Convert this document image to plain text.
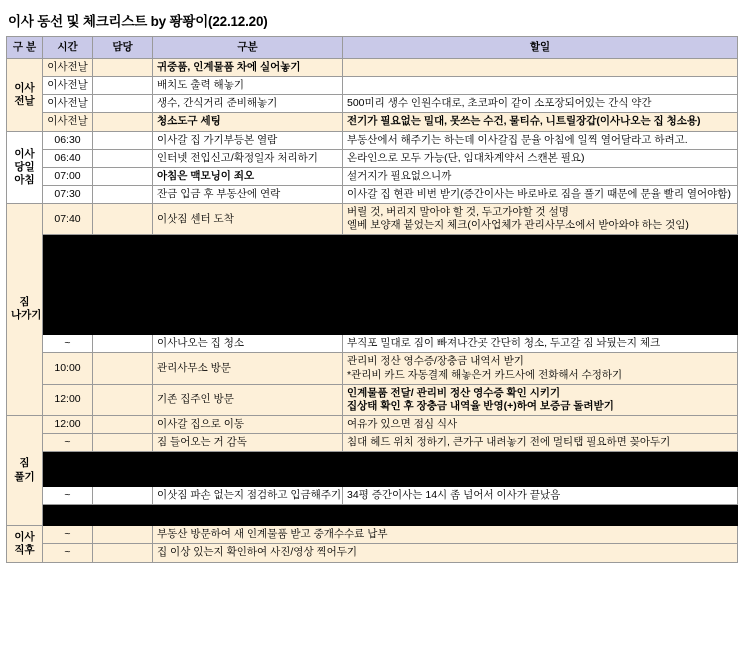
이사 동선 및 체크리스트 by 퐝퐝이(22.12.20)
구 분	시간	담당	구분	할일
이사
전날	이사전날		귀중품, 인계물품 차에 실어놓기	
	이사전날		배치도 출력 해놓기	
	이사전날		생수, 간식거리 준비해놓기	500미리 생수 인원수대로, 초코파이 같이 소포장되어있는 간식 약간
	이사전날		청소도구 세팅	전기가 필요없는 밀대, 못쓰는 수건, 물티슈, 니트릴장갑(이사나오는 집 청소용)
이사
당일
아침	06:30		이사갈 집 가기부등본 열람	부동산에서 해주기는 하는데 이사갈집 문율 아침에 일찍 열어달라고 하려고.
	06:40		인터넷 전입신고/확정일자 처리하기	온라인으로 모두 가능(단, 임대차계약서 스캔본 필요)
	07:00		아침은 맥모닝이 죄오	설거지가 필요없으니까
	07:30		잔금 입금 후 부동산에 연락	이사갈 집 현관 비번 받기(증간이사는 바로바로 짐을 풀기 때문에 문율 빨리 열어야함)
짐
나가기	07:40		이삿짐 센터 도착	
버릴 것, 버리지 말아야 할 것, 두고가야할 것 설명
엘베 보양재 붙었는지 체크(이사업체가 관리사무소에서 받아와야 하는 것임)

	~		이사나오는 집 청소	부직포 밀대로 짐이 빠져나간곳 간단히 청소, 두고갈 짐 놔뒀는지 체크
	10:00		관리사무소 방문	관리비 정산 영수증/장충금 내역서 받기
*관리비 카드 자동결제 해놓은거 카드사에 전화해서 수정하기

	12:00		기존 집주인 방문	인계물품 전달/ 관리비 정산 영수증 확인 시키기
집상태 확인 후 장충금 내역율 반영(+)하여 보증금 돌려받기

짐
풀기	12:00		이사갈 집으로 이동	여유가 있으면 점심 식사
	~		짐 들어오는 거 감독	침대 헤드 위치 정하기, 큰가구 내려놓기 전에 멀티탭 필요하면 꽂아두기

	~		이삿짐 파손 없는지 점검하고 입금해주기	34평 증간이사는 14시 좀 넘어서 이사가 끝났음

이사
직후	~		부동산 방문하여 새 인계물품 받고 중개수수료 납부	
	~		집 이상 있는지 확인하여 사진/영상 찍어두기	
